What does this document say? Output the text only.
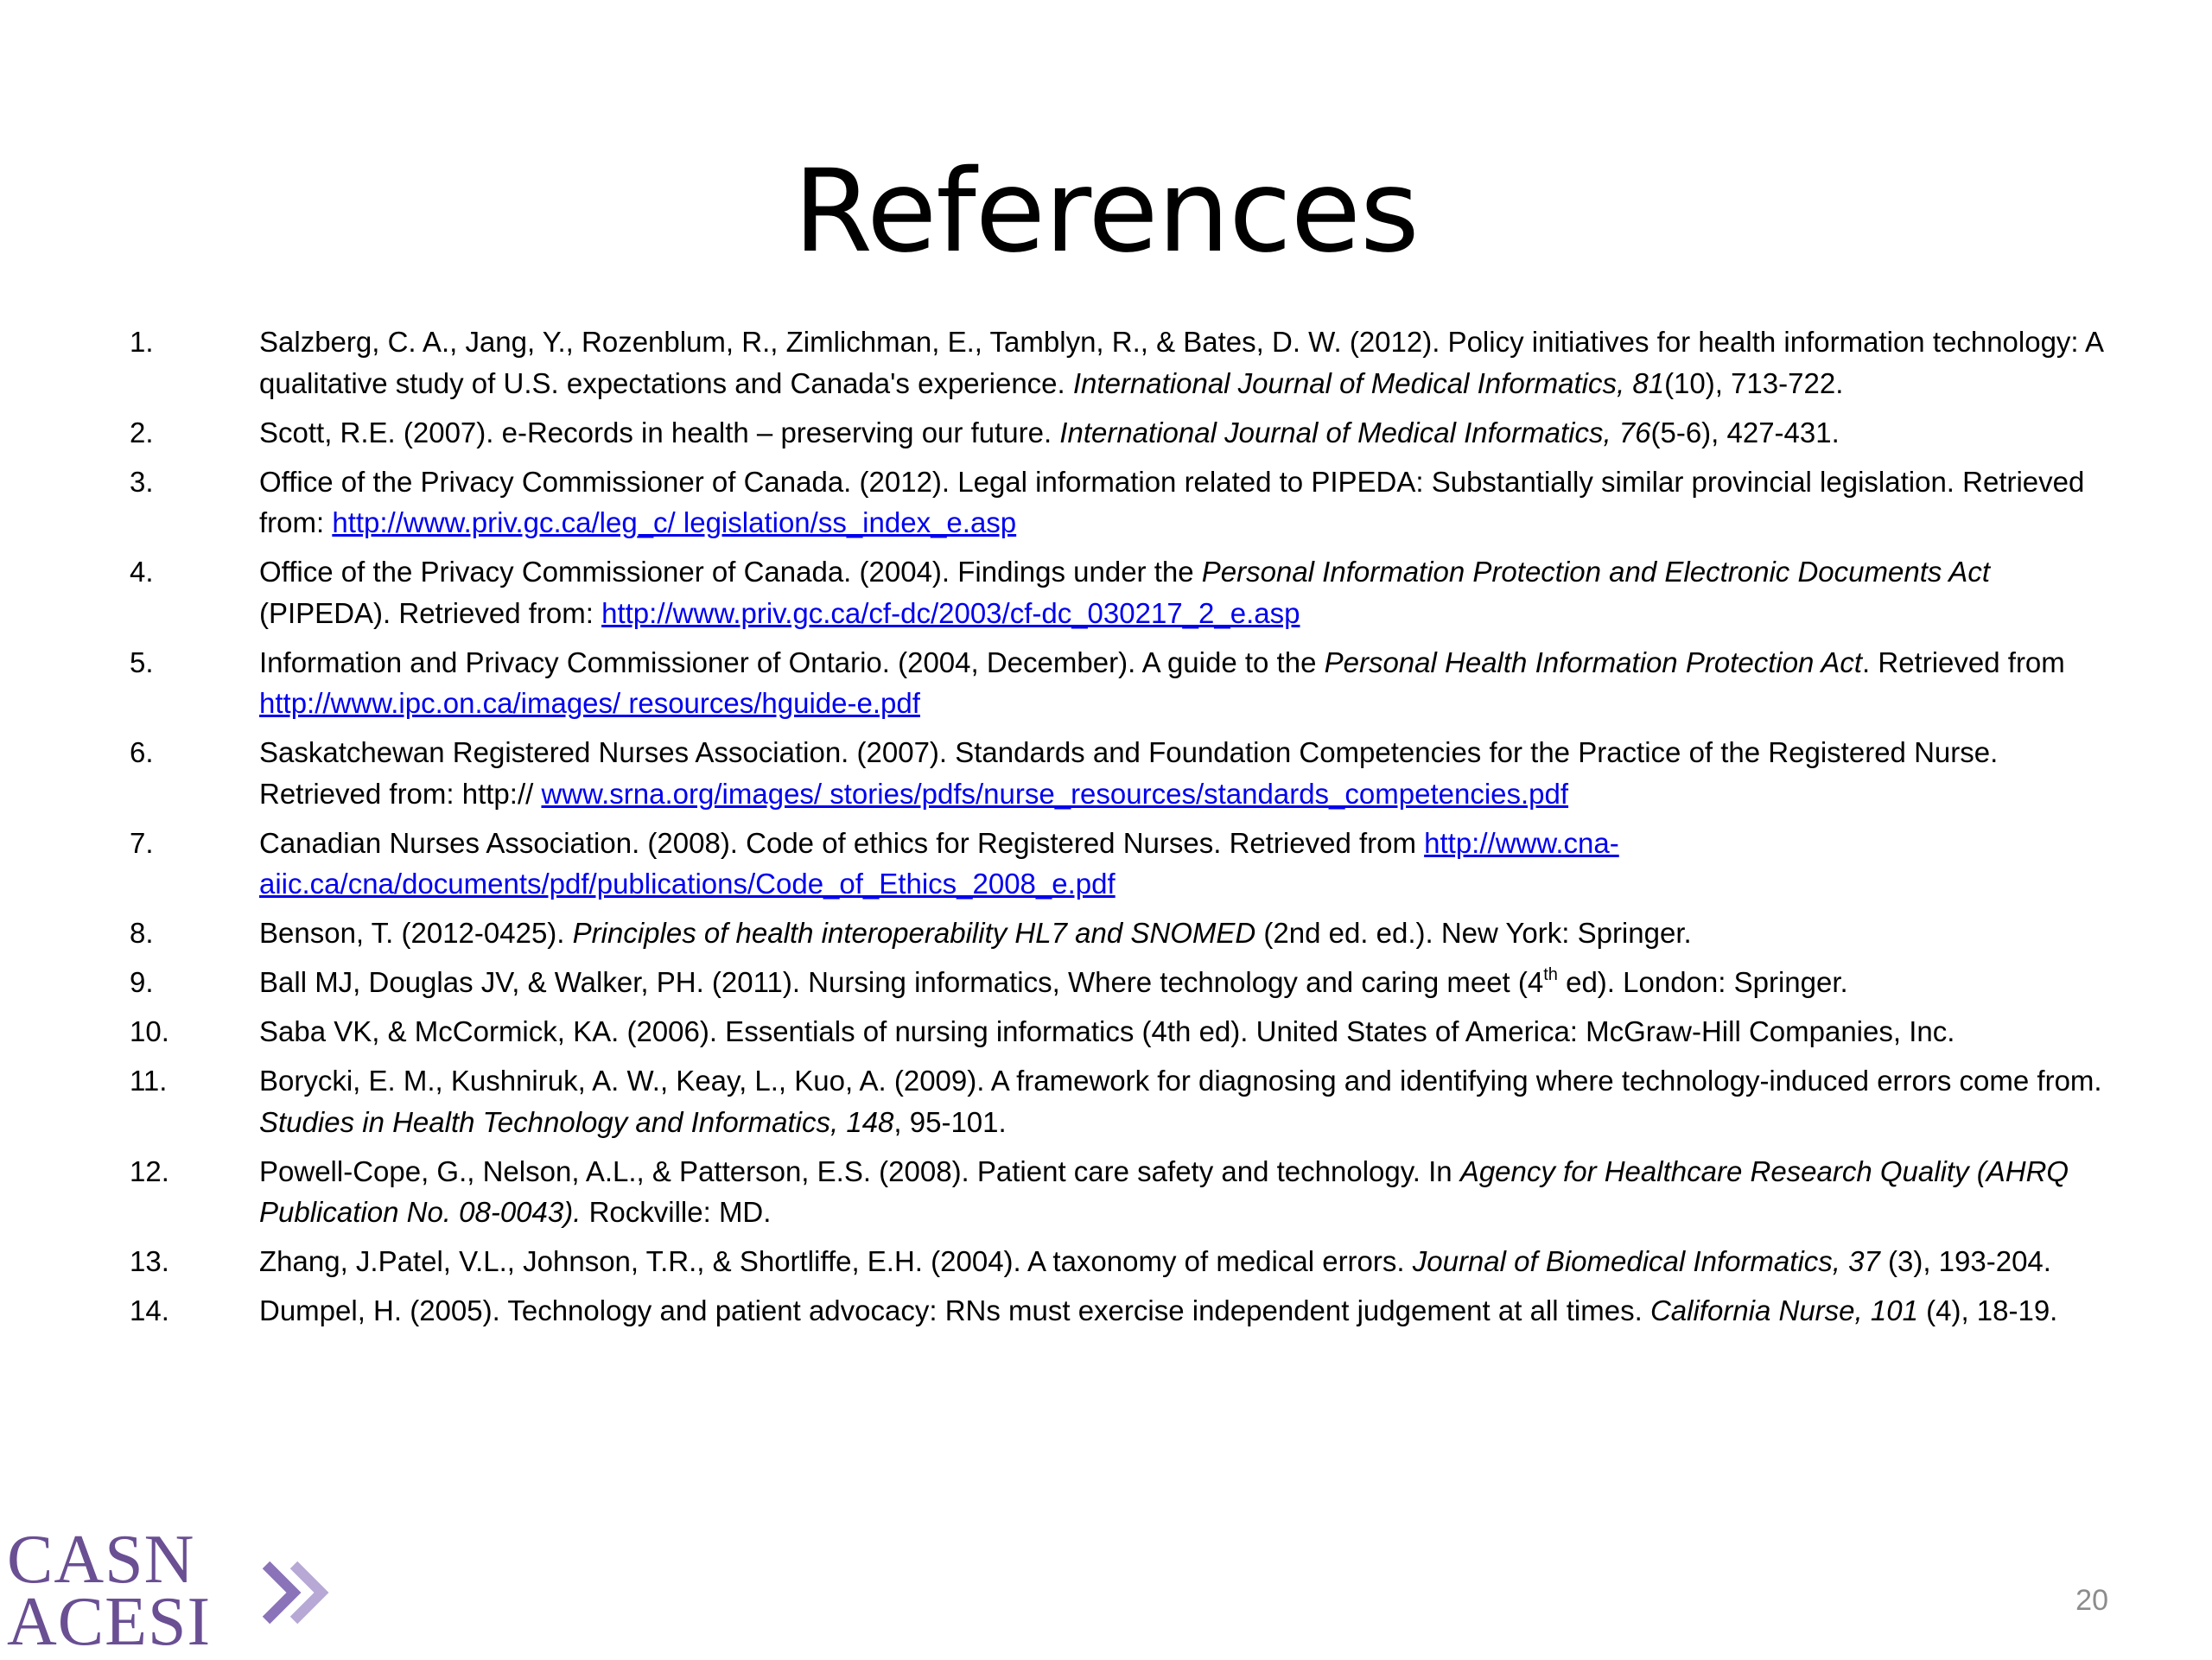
References
1.	Salzberg, C. A., Jang, Y., Rozenblum, R., Zimlichman, E., Tamblyn, R., & Bates, D. W. (2012). Policy initiatives for health information technology: A qualitative study of U.S. expectations and Canada's experience. International Journal of Medical Informatics, 81(10), 713-722.
2.	Scott, R.E. (2007). e-Records in health – preserving our future. International Journal of Medical Informatics, 76(5-6), 427-431.
3.	Office of the Privacy Commissioner of Canada. (2012). Legal information related to PIPEDA: Substantially similar provincial legislation. Retrieved from: http://www.priv.gc.ca/leg_c/ legislation/ss_index_e.asp
4.	Office of the Privacy Commissioner of Canada. (2004). Findings under the Personal Information Protection and Electronic Documents Act (PIPEDA). Retrieved from: http://www.priv.gc.ca/cf-dc/2003/cf-dc_030217_2_e.asp
5.	Information and Privacy Commissioner of Ontario. (2004, December). A guide to the Personal Health Information Protection Act. Retrieved from http://www.ipc.on.ca/images/ resources/hguide-e.pdf
6.	Saskatchewan Registered Nurses Association. (2007). Standards and Foundation Competencies for the Practice of the Registered Nurse. Retrieved from: http:// www.srna.org/images/ stories/pdfs/nurse_resources/standards_competencies.pdf
7.	Canadian Nurses Association. (2008). Code of ethics for Registered Nurses. Retrieved from http://www.cna-aiic.ca/cna/documents/pdf/publications/Code_of_Ethics_2008_e.pdf
8.	Benson, T. (2012-0425). Principles of health interoperability HL7 and SNOMED (2nd ed. ed.). New York: Springer.
9.	Ball MJ, Douglas JV, & Walker, PH. (2011). Nursing informatics, Where technology and caring meet (4th ed). London: Springer.
10.	Saba VK, & McCormick, KA. (2006). Essentials of nursing informatics (4th ed). United States of America: McGraw-Hill Companies, Inc.
11.	Borycki, E. M., Kushniruk, A. W., Keay, L., Kuo, A. (2009). A framework for diagnosing and identifying where technology-induced errors come from. Studies in Health Technology and Informatics, 148, 95-101.
12.	Powell-Cope, G., Nelson, A.L., & Patterson, E.S. (2008). Patient care safety and technology. In Agency for Healthcare Research Quality (AHRQ Publication No. 08-0043). Rockville: MD.
13.	Zhang, J.Patel, V.L., Johnson, T.R., & Shortliffe, E.H. (2004). A taxonomy of medical errors. Journal of Biomedical Informatics, 37 (3), 193-204.
14.	Dumpel, H. (2005). Technology and patient advocacy: RNs must exercise independent judgement at all times. California Nurse, 101 (4), 18-19.
CASN
ACESI	20
